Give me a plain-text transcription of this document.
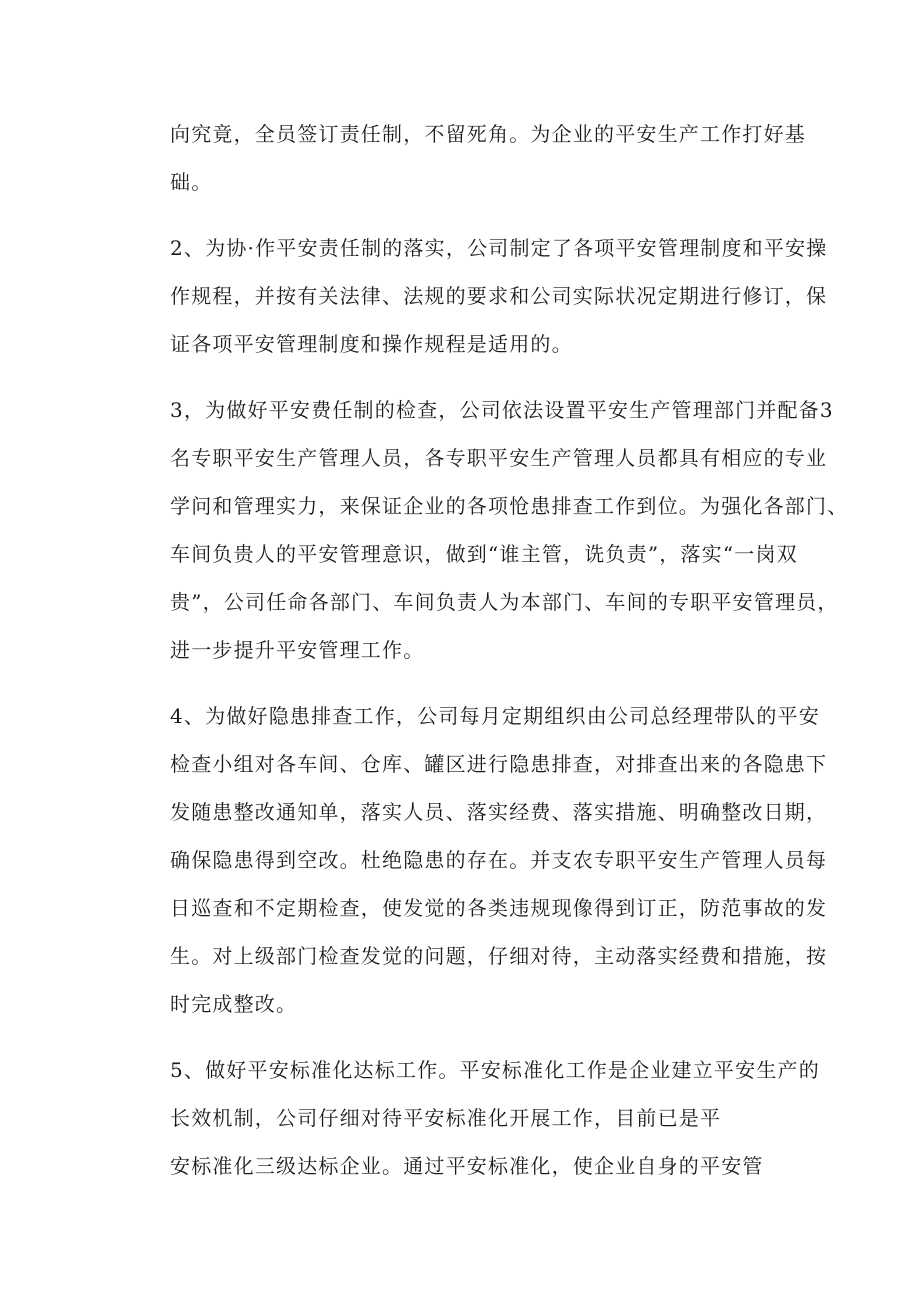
向究竟，全员签订责任制，不留死角。为企业的平安生产工作打好基
础。
2、为协·作平安责任制的落实，公司制定了各项平安管理制度和平安操
作规程，并按有关法律、法规的要求和公司实际状况定期进行修订，保
证各项平安管理制度和操作规程是适用的。
3，为做好平安费任制的检查，公司依法设置平安生产管理部门并配备3
名专职平安生产管理人员，各专职平安生产管理人员都具有相应的专业
学问和管理实力，来保证企业的各项怆患排查工作到位。为强化各部门、
车间负贵人的平安管理意识，做到“谁主管，诜负责”，落实“一岗双
贵”，公司任命各部门、车间负责人为本部门、车间的专职平安管理员，
进一步提升平安管理工作。
4、为做好隐患排查工作，公司每月定期组织由公司总经理带队的平安
检查小组对各车间、仓库、罐区进行隐患排查，对排查出来的各隐患下
发随患整改通知单，落实人员、落实经费、落实措施、明确整改日期，
确保隐患得到空改。杜绝隐患的存在。并支农专职平安生产管理人员每
日巡查和不定期检查，使发觉的各类违规现像得到订正，防范事故的发
生。对上级部门检查发觉的问题，仔细对待，主动落实经费和措施，按
时完成整改。
5、做好平安标准化达标工作。平安标准化工作是企业建立平安生产的
长效机制，公司仔细对待平安标准化开展工作，目前已是平
安标准化三级达标企业。通过平安标准化，使企业自身的平安管
